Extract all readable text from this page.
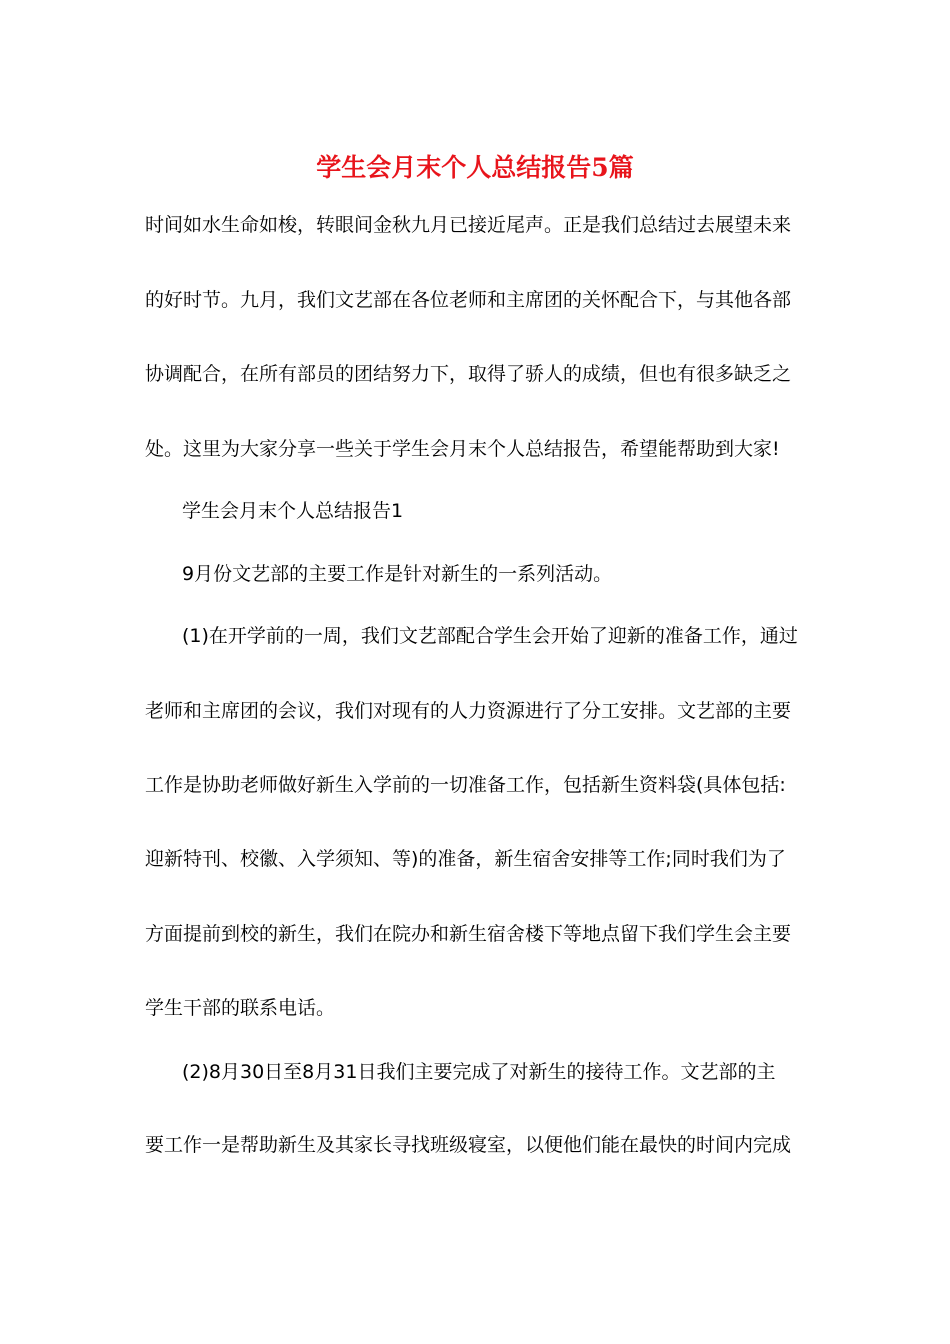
学生会月末个人总结报告5篇
时间如水生命如梭，转眼间金秋九月已接近尾声。正是我们总结过去展望未来
的好时节。九月，我们文艺部在各位老师和主席团的关怀配合下，与其他各部
协调配合，在所有部员的团结努力下，取得了骄人的成绩，但也有很多缺乏之
处。这里为大家分享一些关于学生会月末个人总结报告，希望能帮助到大家!
学生会月末个人总结报告1
9月份文艺部的主要工作是针对新生的一系列活动。
(1)在开学前的一周，我们文艺部配合学生会开始了迎新的准备工作，通过
老师和主席团的会议，我们对现有的人力资源进行了分工安排。文艺部的主要
工作是协助老师做好新生入学前的一切准备工作，包括新生资料袋(具体包括:
迎新特刊、校徽、入学须知、等)的准备，新生宿舍安排等工作;同时我们为了
方面提前到校的新生，我们在院办和新生宿舍楼下等地点留下我们学生会主要
学生干部的联系电话。
(2)8月30日至8月31日我们主要完成了对新生的接待工作。文艺部的主
要工作一是帮助新生及其家长寻找班级寝室，以便他们能在最快的时间内完成
